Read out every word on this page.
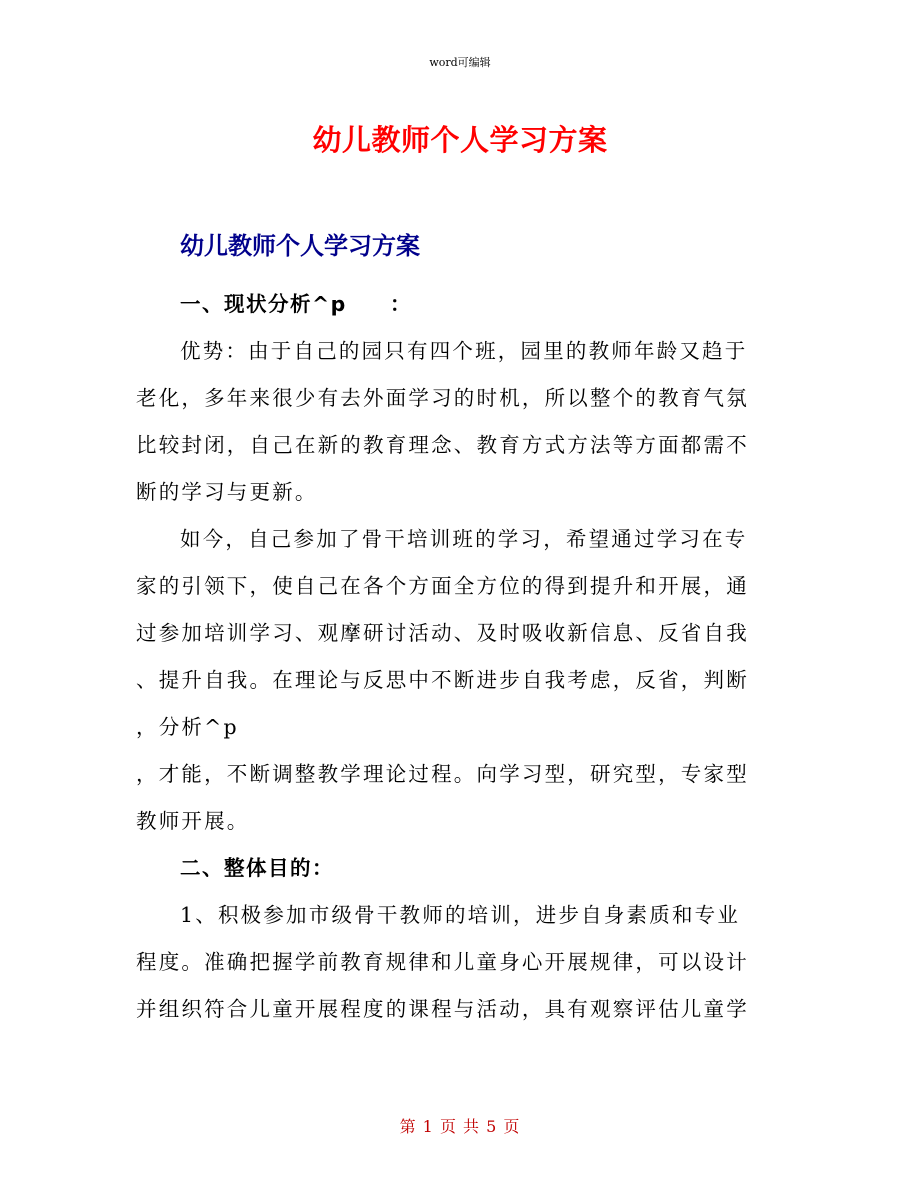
word可编辑
幼儿教师个人学习方案
幼儿教师个人学习方案
一、现状分析^p     ：
优势：由于自己的园只有四个班，园里的教师年龄又趋于
老化，多年来很少有去外面学习的时机，所以整个的教育气氛
比较封闭，自己在新的教育理念、教育方式方法等方面都需不
断的学习与更新。
如今，自己参加了骨干培训班的学习，希望通过学习在专
家的引领下，使自己在各个方面全方位的得到提升和开展，通
过参加培训学习、观摩研讨活动、及时吸收新信息、反省自我
、提升自我。在理论与反思中不断进步自我考虑，反省，判断
，分析^p
，才能，不断调整教学理论过程。向学习型，研究型，专家型
教师开展。
二、整体目的：
1、积极参加市级骨干教师的培训，进步自身素质和专业
程度。准确把握学前教育规律和儿童身心开展规律，可以设计
并组织符合儿童开展程度的课程与活动，具有观察评估儿童学
第 1 页 共 5 页
